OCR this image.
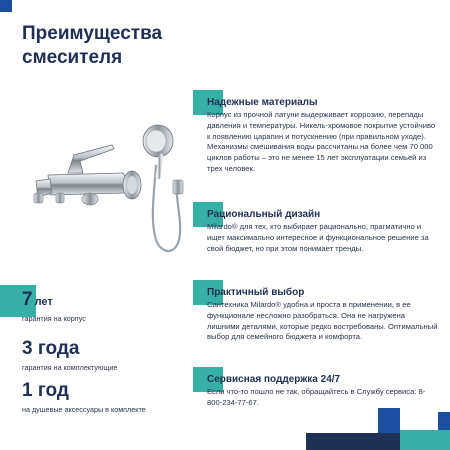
Преимущества
смесителя
7 лет
гарантия на корпус
3 года
гарантия на комплектующие
1 год
на душевые аксессуары в комплекте
Надежные материалы
Корпус из прочной латуни выдерживает коррозию, перепады давления и температуры. Никель-хромовое покрытие устойчиво к появлению царапин и потускнению (при правильном уходе). Механизмы смешивания воды рассчитаны на более чем 70 000 циклов работы – это не менее 15 лет эксплуатации семьей из трех человек.
Рациональный дизайн
Milardo® для тех, кто выбирает рационально, прагматично и ищет максимально интересное и функциональное решение за свой бюджет, но при этом понимает тренды.
Практичный выбор
Сантехника Milardo® удобна и проста в применении, в ее функционале несложно разобраться. Она не нагружена лишними деталями, которые редко востребованы. Оптимальный выбор для семейного бюджета и комфорта.
Сервисная поддержка 24/7
Если что-то пошло не так, обращайтесь в Службу сервиса: 8-800-234-77-67.
